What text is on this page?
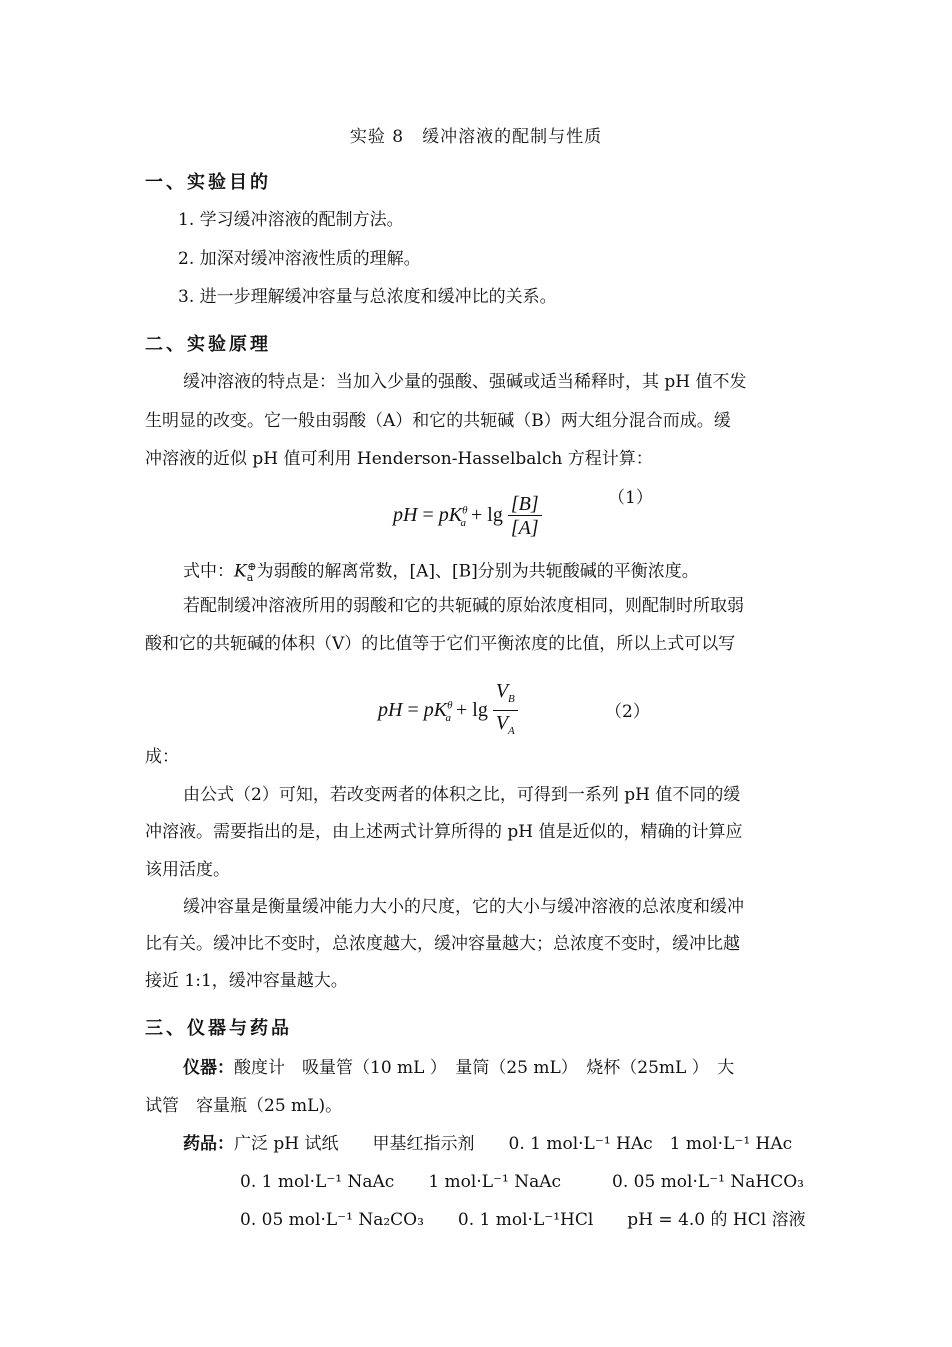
实验 8　缓冲溶液的配制与性质
一、实验目的
1. 学习缓冲溶液的配制方法。
2. 加深对缓冲溶液性质的理解。
3. 进一步理解缓冲容量与总浓度和缓冲比的关系。
二、实验原理
缓冲溶液的特点是：当加入少量的强酸、强碱或适当稀释时，其 pH 值不发
生明显的改变。它一般由弱酸（A）和它的共轭碱（B）两大组分混合而成。缓
冲溶液的近似 pH 值可利用 Henderson-Hasselbalch 方程计算：
（1）
pH = $pK^\theta_a + \lg \frac{[B]}{[A]}$
式中：$K_a^\oplus$为弱酸的解离常数，[A]、[B]分别为共轭酸碱的平衡浓度。
若配制缓冲溶液所用的弱酸和它的共轭碱的原始浓度相同，则配制时所取弱
酸和它的共轭碱的体积（V）的比值等于它们平衡浓度的比值，所以上式可以写
pH = $pK^\theta_a + \lg \frac{V_B}{V_A}$	（2）
成：
由公式（2）可知，若改变两者的体积之比，可得到一系列 pH 值不同的缓
冲溶液。需要指出的是，由上述两式计算所得的 pH 值是近似的，精确的计算应
该用活度。
缓冲容量是衡量缓冲能力大小的尺度，它的大小与缓冲溶液的总浓度和缓冲
比有关。缓冲比不变时，总浓度越大，缓冲容量越大；总浓度不变时，缓冲比越
接近 1:1，缓冲容量越大。
三、仪器与药品
仪器：酸度计　吸量管（10 mL ）　量筒（25 mL）　烧杯（25mL ）　大
试管　容量瓶（25 mL)。
药品：广泛 pH 试纸　　甲基红指示剂　　0. 1 mol·L⁻¹ HAc　1 mol·L⁻¹ HAc
0. 1 mol·L⁻¹ NaAc　　1 mol·L⁻¹ NaAc　　　0. 05 mol·L⁻¹ NaHCO₃
0. 05 mol·L⁻¹ Na₂CO₃　　0. 1 mol·L⁻¹HCl　　pH = 4.0 的 HCl 溶液
